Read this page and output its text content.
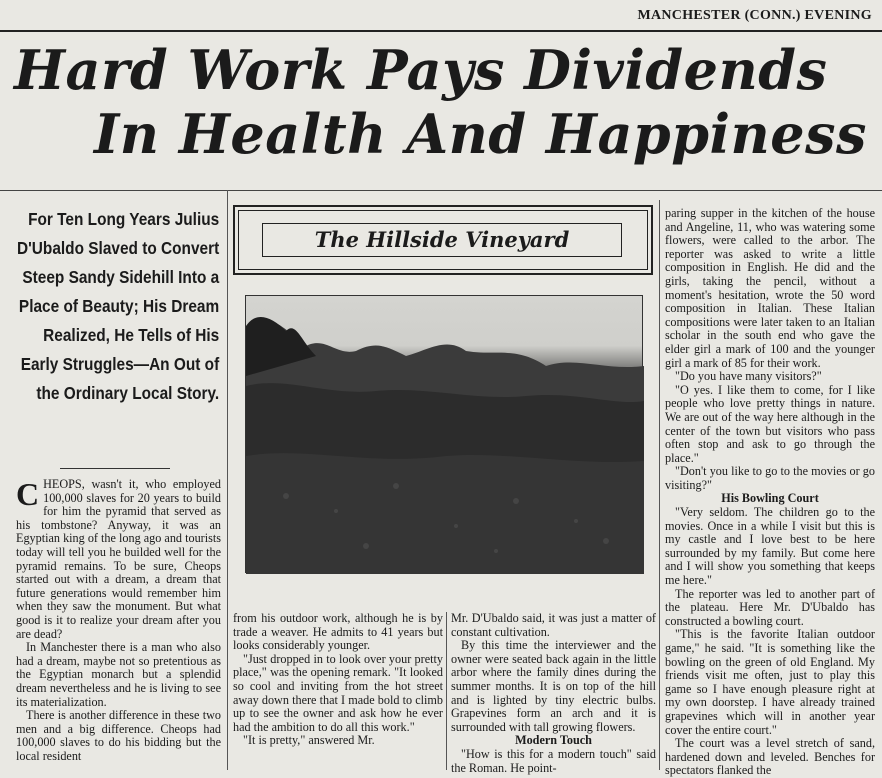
MANCHESTER (CONN.) EVENING
Hard Work Pays Dividends
In Health And Happiness
For Ten Long Years Julius D'Ubaldo Slaved to Convert Steep Sandy Sidehill Into a Place of Beauty; His Dream Realized, He Tells of His Early Struggles—An Out of the Ordinary Local Story.

CHEOPS, wasn't it, who employed 100,000 slaves for 20 years to build for him the pyramid that served as his tombstone? Anyway, it was an Egyptian king of the long ago and tourists today will tell you he builded well for the pyramid remains. To be sure, Cheops started out with a dream, a dream that future generations would remember him when they saw the monument. But what good is it to realize your dream after you are dead?

In Manchester there is a man who also had a dream, maybe not so pretentious as the Egyptian monarch but a splendid dream nevertheless and he is living to see its materialization.

There is another difference in these two men and a big difference. Cheops had 100,000 slaves to do his bidding but the local resident

The Hillside Vineyard

from his outdoor work, although he is by trade a weaver. He admits to 41 years but looks considerably younger.

"Just dropped in to look over your pretty place," was the opening remark. "It looked so cool and inviting from the hot street away down there that I made bold to climb up to see the owner and ask how he ever had the ambition to do all this work."

"It is pretty," answered Mr.

Mr. D'Ubaldo said, it was just a matter of constant cultivation.

By this time the interviewer and the owner were seated back again in the little arbor where the family dines during the summer months. It is on top of the hill and is lighted by tiny electric bulbs. Grapevines form an arch and it is surrounded with tall growing flowers.

Modern Touch

"How is this for a modern touch" said the Roman. He point-

paring supper in the kitchen of the house and Angeline, 11, who was watering some flowers, were called to the arbor. The reporter was asked to write a little composition in English. He did and the girls, taking the pencil, without a moment's hesitation, wrote the 50 word composition in Italian. These Italian compositions were later taken to an Italian scholar in the south end who gave the elder girl a mark of 100 and the younger girl a mark of 85 for their work.

"Do you have many visitors?"

"O yes. I like them to come, for I like people who love pretty things in nature. We are out of the way here although in the center of the town but visitors who pass often stop and ask to go through the place."

"Don't you like to go to the movies or go visiting?"

His Bowling Court

"Very seldom. The children go to the movies. Once in a while I visit but this is my castle and I love best to be here surrounded by my family. But come here and I will show you something that keeps me here."

The reporter was led to another part of the plateau. Here Mr. D'Ubaldo has constructed a bowling court.

"This is the favorite Italian outdoor game," he said. "It is something like the bowling on the green of old England. My friends visit me often, just to play this game so I have enough pleasure right at my own doorstep. I have already trained grapevines which will in another year cover the entire court."

The court was a level stretch of sand, hardened down and leveled. Benches for spectators flanked the
